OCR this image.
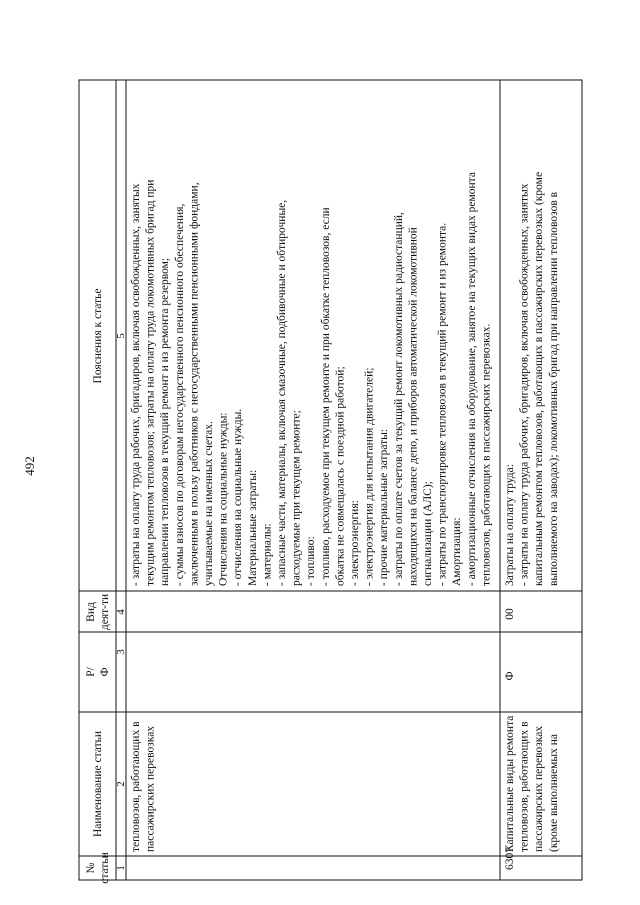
492
№ статьи
Наименование статьи
Р/ Ф
Вид деят-ти
Пояснения к статье
1
2
3
4
5
тепловозов, работающих в пассажирских перевозках
- затраты на оплату труда рабочих, бригадиров, включая освобожденных, занятых текущим ремонтом тепловозов; затраты на оплату труда локомотивных бригад при направлении тепловозов в текущий ремонт и из ремонта резервом; - суммы взносов по договорам негосударственного пенсионного обеспечения, заключенным в пользу работников с негосударственными пенсионными фондами, учитываемые на именных счетах. Отчисления на социальные нужды: - отчисления на социальные нужды. Материальные затраты: - материалы: - запасные части, материалы, включая смазочные, подбивочные и обтирочные, расходуемые при текущем ремонте; - топливо: - топливо, расходуемое при текущем ремонте и при обкатке тепловозов, если обкатка не совмещалась с поездной работой; - электроэнергия: - электроэнергия для испытания двигателей; - прочие материальные затраты: - затраты по оплате счетов за текущий ремонт локомотивных радиостанций, находящихся на балансе депо, и приборов автоматической локомотивной сигнализации (АЛС); - затраты по транспортировке тепловозов в текущий ремонт и из ремонта. Амортизация: - амортизационные отчисления на оборудование, занятое на текущих видах ремонта тепловозов, работающих в пассажирских перевозках.
6307
Капитальные виды ремонта тепловозов, работающих в пассажирских перевозках (кроме выполняемых на
Ф
00
Затраты на оплату труда: - затраты на оплату труда рабочих, бригадиров, включая освобожденных, занятых капитальным ремонтом тепловозов, работающих в пассажирских перевозках (кроме выполняемого на заводах); локомотивных бригад при направлении тепловозов в
